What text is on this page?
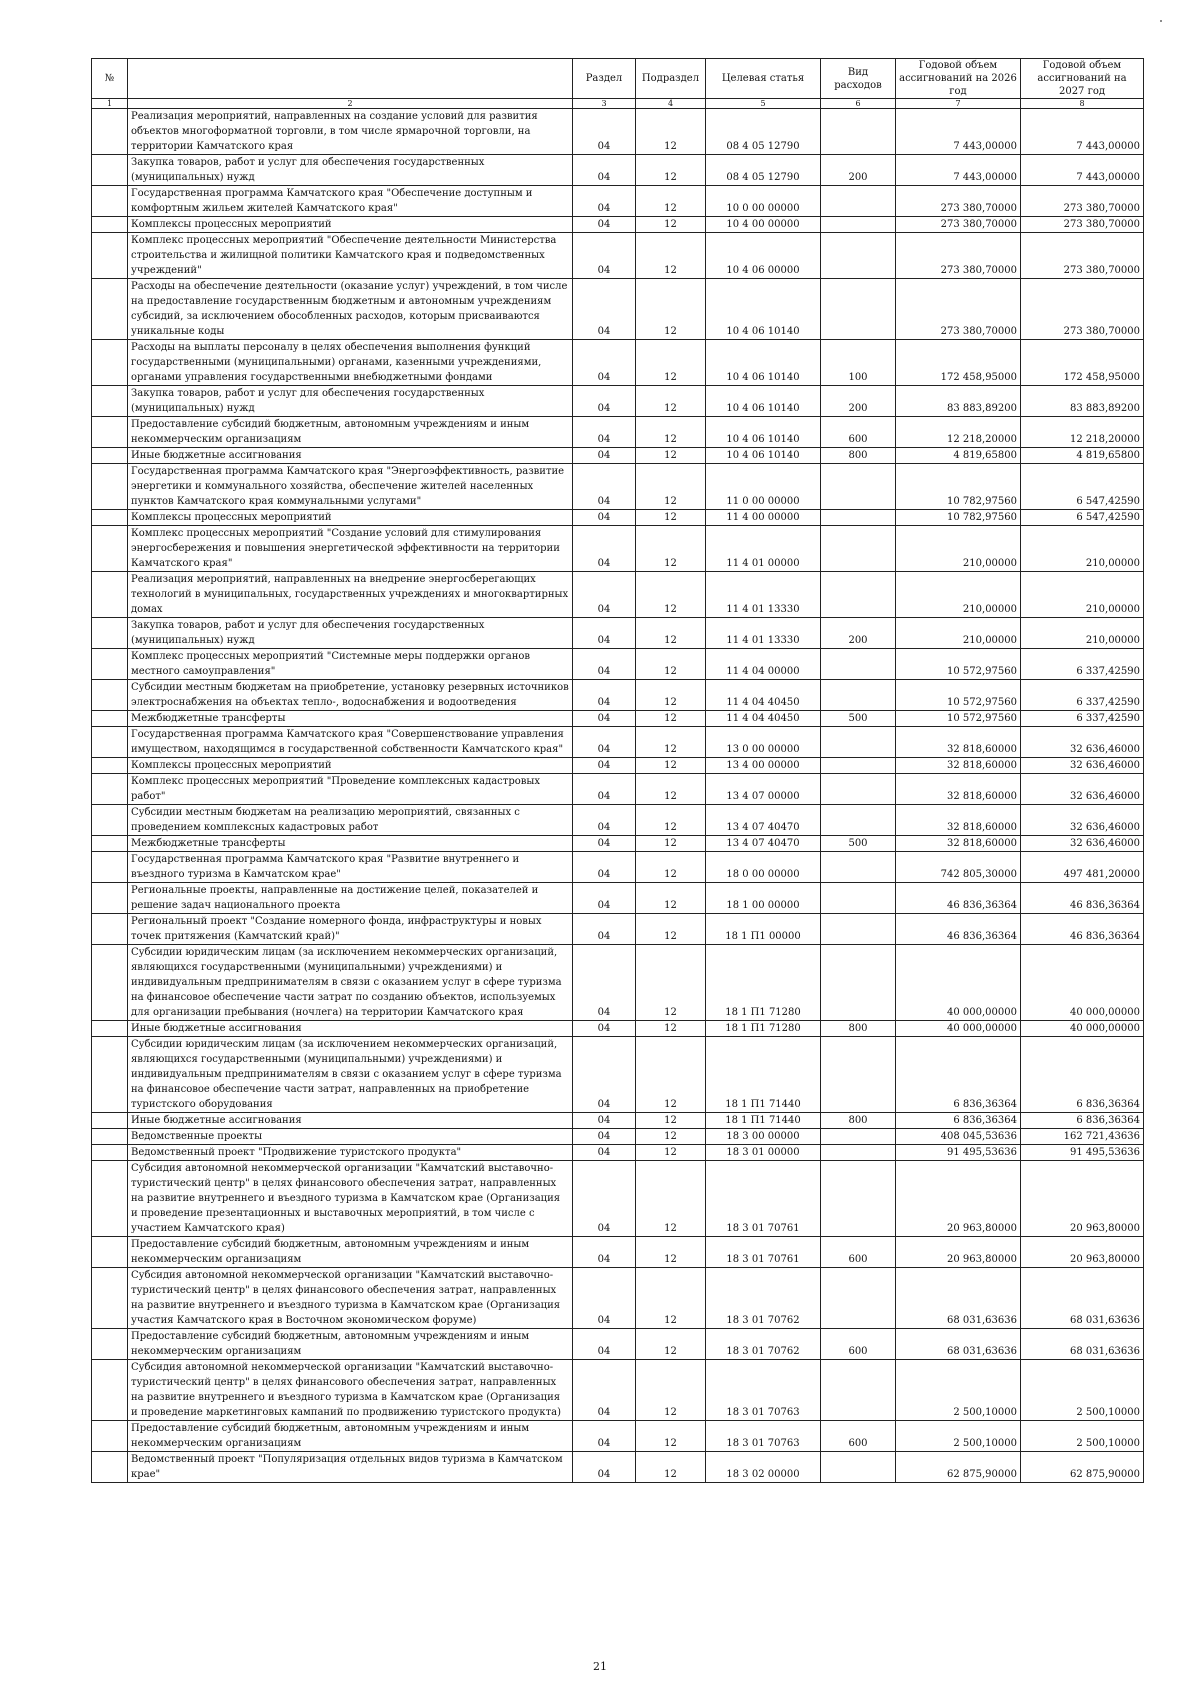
№		Раздел	Подраздел	Целевая статья	Вид расходов	Годовой объем ассигнований на 2026 год	Годовой объем ассигнований на 2027 год
1	2	3	4	5	6	7	8
	Реализация мероприятий, направленных на создание условий для развития объектов многоформатной торговли, в том числе ярмарочной торговли, на территории Камчатского края	04	12	08 4 05 12790		7 443,00000	7 443,00000
	Закупка товаров, работ и услуг для обеспечения государственных (муниципальных) нужд	04	12	08 4 05 12790	200	7 443,00000	7 443,00000
	Государственная программа Камчатского края "Обеспечение доступным и комфортным жильем жителей Камчатского края"	04	12	10 0 00 00000		273 380,70000	273 380,70000
	Комплексы процессных мероприятий	04	12	10 4 00 00000		273 380,70000	273 380,70000
	Комплекс процессных мероприятий "Обеспечение деятельности Министерства строительства и жилищной политики Камчатского края и подведомственных учреждений"	04	12	10 4 06 00000		273 380,70000	273 380,70000
	Расходы на обеспечение деятельности (оказание услуг) учреждений, в том числе на предоставление государственным бюджетным и автономным учреждениям субсидий, за исключением обособленных расходов, которым присваиваются уникальные коды	04	12	10 4 06 10140		273 380,70000	273 380,70000
	Расходы на выплаты персоналу в целях обеспечения выполнения функций государственными (муниципальными) органами, казенными учреждениями, органами управления государственными внебюджетными фондами	04	12	10 4 06 10140	100	172 458,95000	172 458,95000
	Закупка товаров, работ и услуг для обеспечения государственных (муниципальных) нужд	04	12	10 4 06 10140	200	83 883,89200	83 883,89200
	Предоставление субсидий бюджетным, автономным учреждениям и иным некоммерческим организациям	04	12	10 4 06 10140	600	12 218,20000	12 218,20000
	Иные бюджетные ассигнования	04	12	10 4 06 10140	800	4 819,65800	4 819,65800
	Государственная программа Камчатского края "Энергоэффективность, развитие энергетики и коммунального хозяйства, обеспечение жителей населенных пунктов Камчатского края коммунальными услугами"	04	12	11 0 00 00000		10 782,97560	6 547,42590
	Комплексы процессных мероприятий	04	12	11 4 00 00000		10 782,97560	6 547,42590
	Комплекс процессных мероприятий "Создание условий для стимулирования энергосбережения и повышения энергетической эффективности на территории Камчатского края"	04	12	11 4 01 00000		210,00000	210,00000
	Реализация мероприятий, направленных на внедрение энергосберегающих технологий в муниципальных, государственных учреждениях и многоквартирных домах	04	12	11 4 01 13330		210,00000	210,00000
	Закупка товаров, работ и услуг для обеспечения государственных (муниципальных) нужд	04	12	11 4 01 13330	200	210,00000	210,00000
	Комплекс процессных мероприятий "Системные меры поддержки органов местного самоуправления"	04	12	11 4 04 00000		10 572,97560	6 337,42590
	Субсидии местным бюджетам на приобретение, установку резервных источников электроснабжения на объектах тепло-, водоснабжения и водоотведения	04	12	11 4 04 40450		10 572,97560	6 337,42590
	Межбюджетные трансферты	04	12	11 4 04 40450	500	10 572,97560	6 337,42590
	Государственная программа Камчатского края "Совершенствование управления имуществом, находящимся в государственной собственности Камчатского края"	04	12	13 0 00 00000		32 818,60000	32 636,46000
	Комплексы процессных мероприятий	04	12	13 4 00 00000		32 818,60000	32 636,46000
	Комплекс процессных мероприятий "Проведение комплексных кадастровых работ"	04	12	13 4 07 00000		32 818,60000	32 636,46000
	Субсидии местным бюджетам на реализацию мероприятий, связанных с проведением комплексных кадастровых работ	04	12	13 4 07 40470		32 818,60000	32 636,46000
	Межбюджетные трансферты	04	12	13 4 07 40470	500	32 818,60000	32 636,46000
	Государственная программа Камчатского края "Развитие внутреннего и въездного туризма в Камчатском крае"	04	12	18 0 00 00000		742 805,30000	497 481,20000
	Региональные проекты, направленные на достижение целей, показателей и решение задач национального проекта	04	12	18 1 00 00000		46 836,36364	46 836,36364
	Региональный проект "Создание номерного фонда, инфраструктуры и новых точек притяжения (Камчатский край)"	04	12	18 1 П1 00000		46 836,36364	46 836,36364
	Субсидии юридическим лицам (за исключением некоммерческих организаций, являющихся государственными (муниципальными) учреждениями) и индивидуальным предпринимателям в связи с оказанием услуг в сфере туризма на финансовое обеспечение части затрат по созданию объектов, используемых для организации пребывания (ночлега) на территории Камчатского края	04	12	18 1 П1 71280		40 000,00000	40 000,00000
	Иные бюджетные ассигнования	04	12	18 1 П1 71280	800	40 000,00000	40 000,00000
	Субсидии юридическим лицам (за исключением некоммерческих организаций, являющихся государственными (муниципальными) учреждениями) и индивидуальным предпринимателям в связи с оказанием услуг в сфере туризма на финансовое обеспечение части затрат, направленных на приобретение туристского оборудования	04	12	18 1 П1 71440		6 836,36364	6 836,36364
	Иные бюджетные ассигнования	04	12	18 1 П1 71440	800	6 836,36364	6 836,36364
	Ведомственные проекты	04	12	18 3 00 00000		408 045,53636	162 721,43636
	Ведомственный проект "Продвижение туристского продукта"	04	12	18 3 01 00000		91 495,53636	91 495,53636
	Субсидия автономной некоммерческой организации "Камчатский выставочно-туристический центр" в целях финансового обеспечения затрат, направленных на развитие внутреннего и въездного туризма в Камчатском крае (Организация и проведение презентационных и выставочных мероприятий, в том числе с участием Камчатского края)	04	12	18 3 01 70761		20 963,80000	20 963,80000
	Предоставление субсидий бюджетным, автономным учреждениям и иным некоммерческим организациям	04	12	18 3 01 70761	600	20 963,80000	20 963,80000
	Субсидия автономной некоммерческой организации "Камчатский выставочно-туристический центр" в целях финансового обеспечения затрат, направленных на развитие внутреннего и въездного туризма в Камчатском крае (Организация участия Камчатского края в Восточном экономическом форуме)	04	12	18 3 01 70762		68 031,63636	68 031,63636
	Предоставление субсидий бюджетным, автономным учреждениям и иным некоммерческим организациям	04	12	18 3 01 70762	600	68 031,63636	68 031,63636
	Субсидия автономной некоммерческой организации "Камчатский выставочно-туристический центр" в целях финансового обеспечения затрат, направленных на развитие внутреннего и въездного туризма в Камчатском крае (Организация и проведение маркетинговых кампаний по продвижению туристского продукта)	04	12	18 3 01 70763		2 500,10000	2 500,10000
	Предоставление субсидий бюджетным, автономным учреждениям и иным некоммерческим организациям	04	12	18 3 01 70763	600	2 500,10000	2 500,10000
	Ведомственный проект "Популяризация отдельных видов туризма в Камчатском крае"	04	12	18 3 02 00000		62 875,90000	62 875,90000
21
